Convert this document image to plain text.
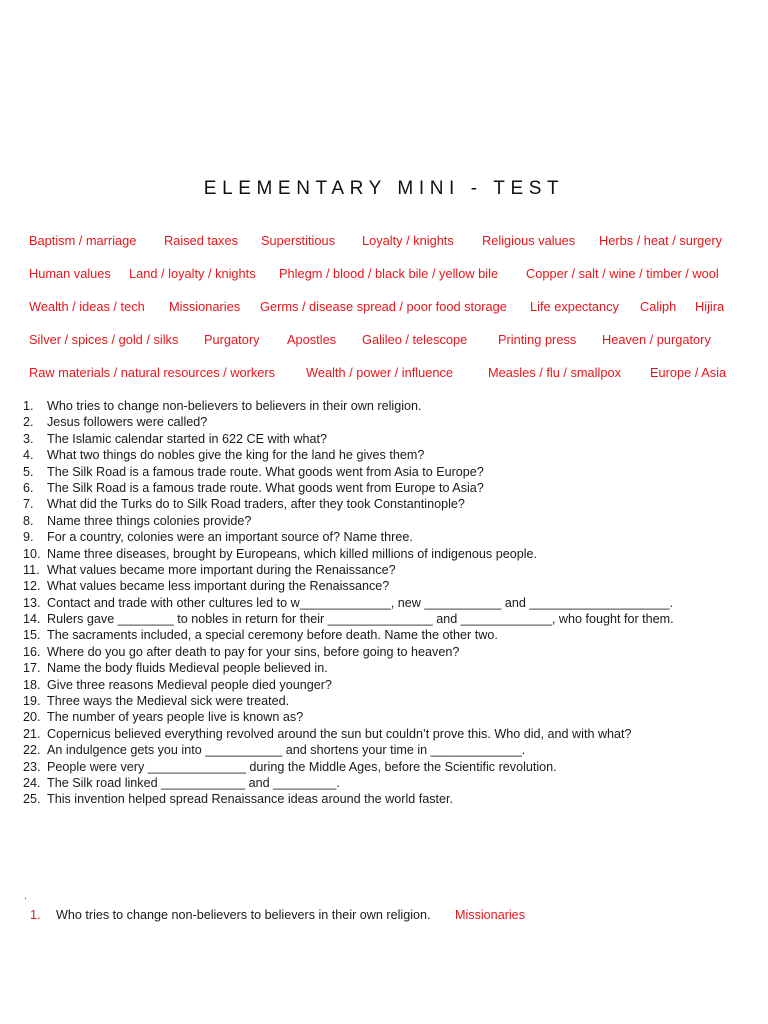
ELEMENTARY MINI - TEST
Baptism / marriage Raised taxes Superstitious Loyalty / knights Religious values Herbs / heat / surgery
Human values Land / loyalty / knights Phlegm / blood / black bile / yellow bile Copper / salt / wine / timber / wool
Wealth / ideas / tech Missionaries Germs / disease spread / poor food storage Life expectancy Caliph Hijira
Silver / spices / gold / silks Purgatory Apostles Galileo / telescope Printing press Heaven / purgatory
Raw materials / natural resources / workers Wealth / power / influence	Measles / flu / smallpox Europe / Asia
1. Who tries to change non-believers to believers in their own religion.
2. Jesus followers were called?
3. The Islamic calendar started in 622 CE with what?
4. What two things do nobles give the king for the land he gives them?
5. The Silk Road is a famous trade route. What goods went from Asia to Europe?
6. The Silk Road is a famous trade route. What goods went from Europe to Asia?
7. What did the Turks do to Silk Road traders, after they took Constantinople?
8. Name three things colonies provide?
9. For a country, colonies were an important source of? Name three.
10. Name three diseases, brought by Europeans, which killed millions of indigenous people.
11. What values became more important during the Renaissance?
12. What values became less important during the Renaissance?
13. Contact and trade with other cultures led to w_____________, new ___________ and ____________________.
14. Rulers gave ________ to nobles in return for their _______________ and _____________, who fought for them.
15. The sacraments included, a special ceremony before death. Name the other two.
16. Where do you go after death to pay for your sins, before going to heaven?
17. Name the body fluids Medieval people believed in.
18. Give three reasons Medieval people died younger?
19. Three ways the Medieval sick were treated.
20. The number of years people live is known as?
21. Copernicus believed everything revolved around the sun but couldn’t prove this. Who did, and with what?
22. An indulgence gets you into ___________ and shortens your time in _____________.
23. People were very ______________ during the Middle Ages, before the Scientific revolution.
24. The Silk road linked ____________ and _________.
25. This invention helped spread Renaissance ideas around the world faster.
.
1. Who tries to change non-believers to believers in their own religion. Missionaries
